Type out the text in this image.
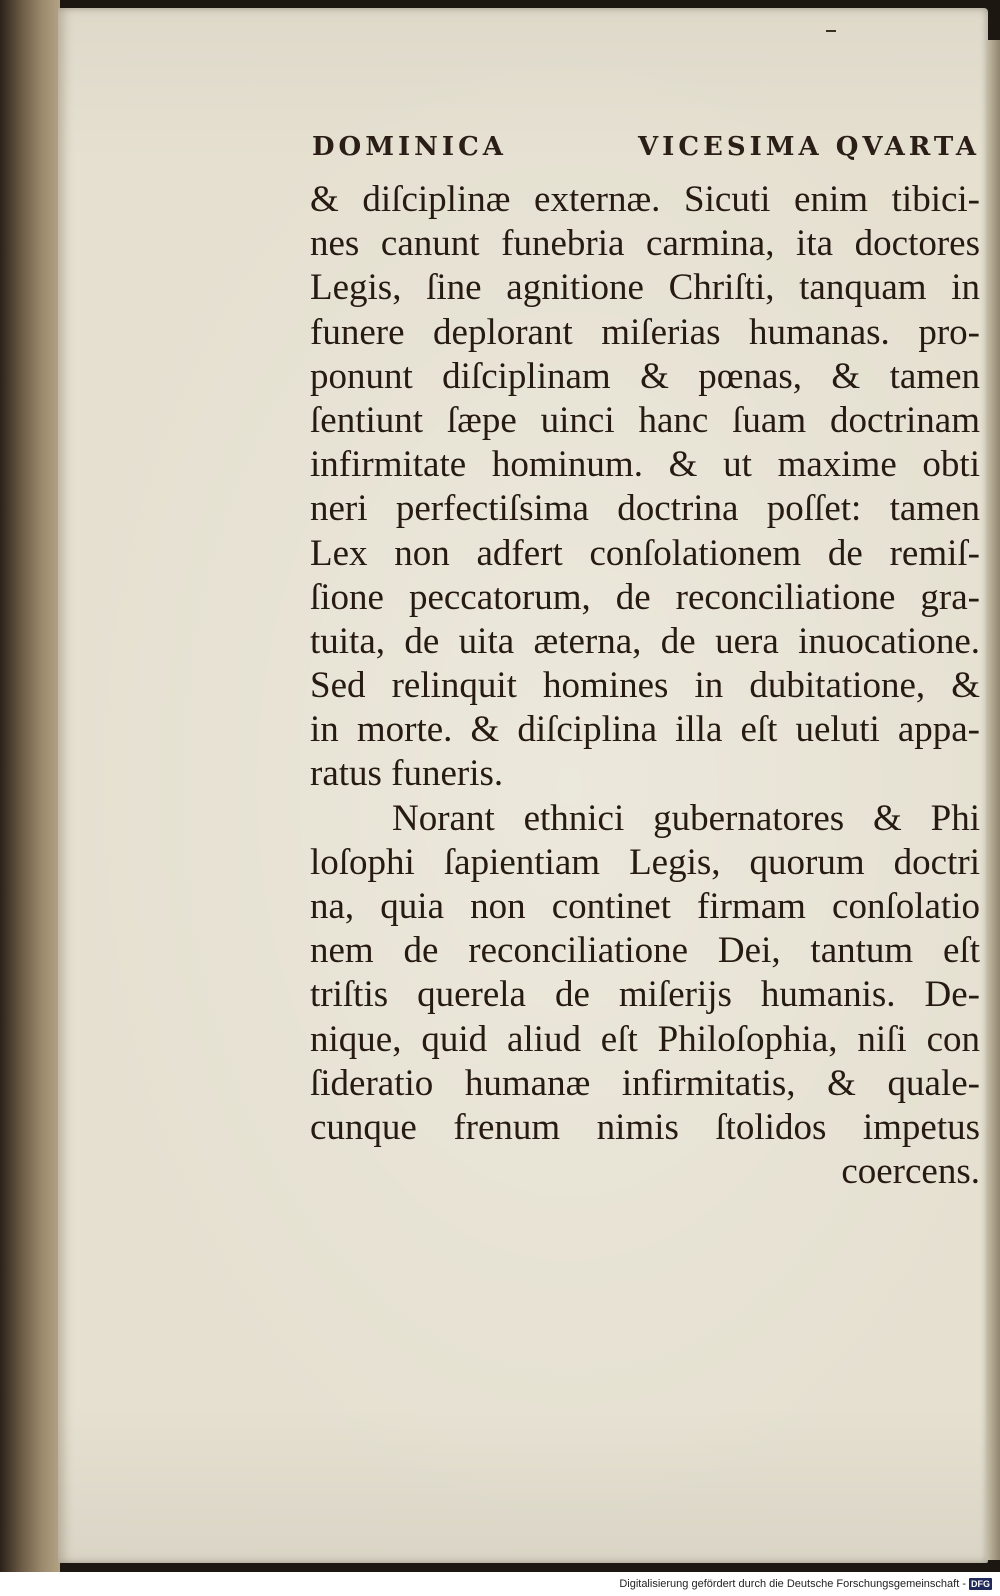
DOMINICA	VICESIMA QVARTA
& diſciplinæ externæ. Sicuti enim tibici-
nes canunt funebria carmina, ita doctores
Legis, ſine agnitione Chriſti, tanquam in
funere deplorant miſerias humanas. pro-
ponunt diſciplinam & pœnas, & tamen
ſentiunt ſæpe uinci hanc ſuam doctrinam
infirmitate hominum. & ut maxime obti
neri perfectiſsima doctrina poſſet: tamen
Lex non adfert conſolationem de remiſ-
ſione peccatorum, de reconciliatione gra-
tuita, de uita æterna, de uera inuocatione.
Sed relinquit homines in dubitatione, &
in morte. & diſciplina illa eſt ueluti appa-
ratus funeris.
Norant ethnici gubernatores & Phi
loſophi ſapientiam Legis, quorum doctri
na, quia non continet firmam conſolatio
nem de reconciliatione Dei, tantum eſt
triſtis querela de miſerijs humanis. De-
nique, quid aliud eſt Philoſophia, niſi con
ſideratio humanæ infirmitatis, & quale-
cunque frenum nimis ſtolidos impetus
coercens.
Digitalisierung gefördert durch die Deutsche Forschungsgemeinschaft - DFG
